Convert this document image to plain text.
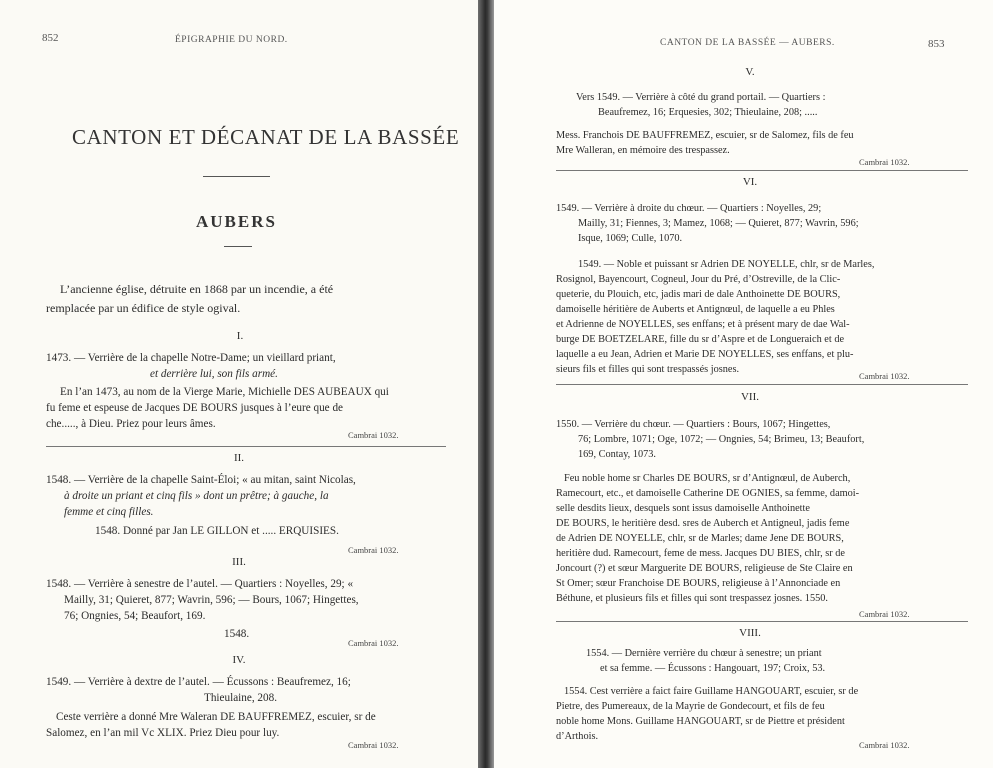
852	ÉPIGRAPHIE DU NORD.
CANTON ET DÉCANAT DE LA BASSÉE
AUBERS
L’ancienne église, détruite en 1868 par un incendie, a été
remplacée par un édifice de style ogival.
I.
1473. — Verrière de la chapelle Notre-Dame; un vieillard priant,
et derrière lui, son fils armé.
En l’an 1473, au nom de la Vierge Marie, Michielle DES AUBEAUX qui
fu feme et espeuse de Jacques DE BOURS jusques à l’eure que de
che....., à Dieu. Priez pour leurs âmes.
Cambrai 1032.
II.
1548. — Verrière de la chapelle Saint-Éloi; « au mitan, saint Nicolas,
à droite un priant et cinq fils » dont un prêtre; à gauche, la
femme et cinq filles.
1548. Donné par Jan LE GILLON et ..... ERQUISIES.
Cambrai 1032.
III.
1548. — Verrière à senestre de l’autel. — Quartiers : Noyelles, 29; «
Mailly, 31; Quieret, 877; Wavrin, 596; — Bours, 1067; Hingettes,
76; Ongnies, 54; Beaufort, 169.
1548.
Cambrai 1032.
IV.
1549. — Verrière à dextre de l’autel. — Écussons : Beaufremez, 16;
Thieulaine, 208.
Ceste verrière a donné Mre Waleran DE BAUFFREMEZ, escuier, sr de
Salomez, en l’an mil Vc XLIX. Priez Dieu pour luy.
Cambrai 1032.
CANTON DE LA BASSÉE — AUBERS.	853
V.
Vers 1549. — Verrière à côté du grand portail. — Quartiers :
Beaufremez, 16; Erquesies, 302; Thieulaine, 208; .....
Mess. Franchois DE BAUFFREMEZ, escuier, sr de Salomez, fils de feu
Mre Walleran, en mémoire des trespassez.
Cambrai 1032.
VI.
1549. — Verrière à droite du chœur. — Quartiers : Noyelles, 29;
Mailly, 31; Fiennes, 3; Mamez, 1068; — Quieret, 877; Wavrin, 596;
Isque, 1069; Culle, 1070.
1549. — Noble et puissant sr Adrien DE NOYELLE, chlr, sr de Marles,
Rosignol, Bayencourt, Cogneul, Jour du Pré, d’Ostreville, de la Clic-
queterie, du Plouich, etc, jadis mari de dale Anthoinette DE BOURS,
damoiselle héritière de Auberts et Antignœul, de laquelle a eu Phles
et Adrienne de NOYELLES, ses enffans; et à présent mary de dae Wal-
burge DE BOETZELARE, fille du sr d’Aspre et de Longueraich et de
laquelle a eu Jean, Adrien et Marie DE NOYELLES, ses enffans, et plu-
sieurs fils et filles qui sont trespassés josnes.
Cambrai 1032.
VII.
1550. — Verrière du chœur. — Quartiers : Bours, 1067; Hingettes,
76; Lombre, 1071; Oge, 1072; — Ongnies, 54; Brimeu, 13; Beaufort,
169, Contay, 1073.
Feu noble home sr Charles DE BOURS, sr d’Antignœul, de Auberch,
Ramecourt, etc., et damoiselle Catherine DE OGNIES, sa femme, damoi-
selle desdits lieux, desquels sont issus damoiselle Anthoinette
DE BOURS, le heritière desd. sres de Auberch et Antigneul, jadis feme
de Adrien DE NOYELLE, chlr, sr de Marles; dame Jene DE BOURS,
heritière dud. Ramecourt, feme de mess. Jacques DU BIES, chlr, sr de
Joncourt (?) et sœur Marguerite DE BOURS, religieuse de Ste Claire en
St Omer; sœur Franchoise DE BOURS, religieuse à l’Annonciade en
Béthune, et plusieurs fils et filles qui sont trespassez josnes. 1550.
Cambrai 1032.
VIII.
1554. — Dernière verrière du chœur à senestre; un priant
et sa femme. — Écussons : Hangouart, 197; Croix, 53.
1554. Cest verrière a faict faire Guillame HANGOUART, escuier, sr de
Pietre, des Pumereaux, de la Mayrie de Gondecourt, et fils de feu
noble home Mons. Guillame HANGOUART, sr de Piettre et président
d’Arthois.
Cambrai 1032.
